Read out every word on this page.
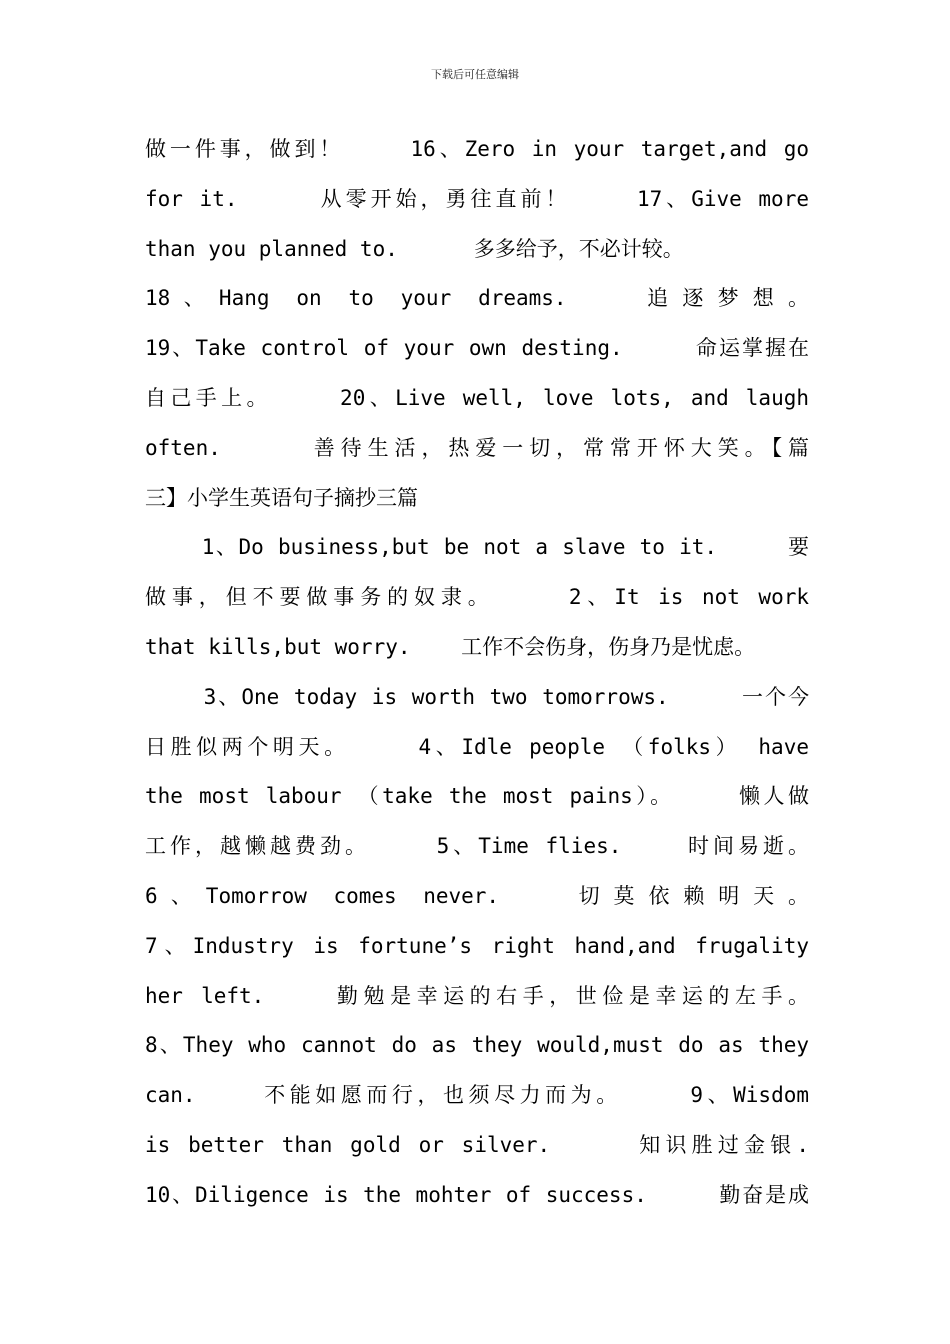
下载后可任意编辑
做一件事，做到！    16、Zero in your target,and go
for it.     从零开始，勇往直前！    17、Give more
than you planned to.      多多给予，不必计较。
18 、 Hang  on  to  your  dreams.      追 逐 梦 想 。
19、Take control of your own desting.     命运掌握在
自己手上。    20、Live well, love lots, and laugh
often.     善待生活，热爱一切，常常开怀大笑。【篇
三】小学生英语句子摘抄三篇
1、Do business,but be not a slave to it.     要
做事，但不要做事务的奴隶。    2、It is not work
that kills,but worry.    工作不会伤身，伤身乃是忧虑。
3、One today is worth two tomorrows.     一个今
日胜似两个明天。    4、Idle people （folks） have
the most labour （take the most pains）。    懒人做
工作，越懒越费劲。    5、Time flies.    时间易逝。
6 、 Tomorrow  comes  never.      切 莫 依 赖 明 天 。
7、Industry is fortune’s right hand,and frugality
her left.    勤勉是幸运的右手，世俭是幸运的左手。
8、They who cannot do as they would,must do as they
can.    不能如愿而行，也须尽力而为。    9、Wisdom
is better than gold or silver.     知识胜过金银.
10、Diligence is the mohter of success.     勤奋是成
